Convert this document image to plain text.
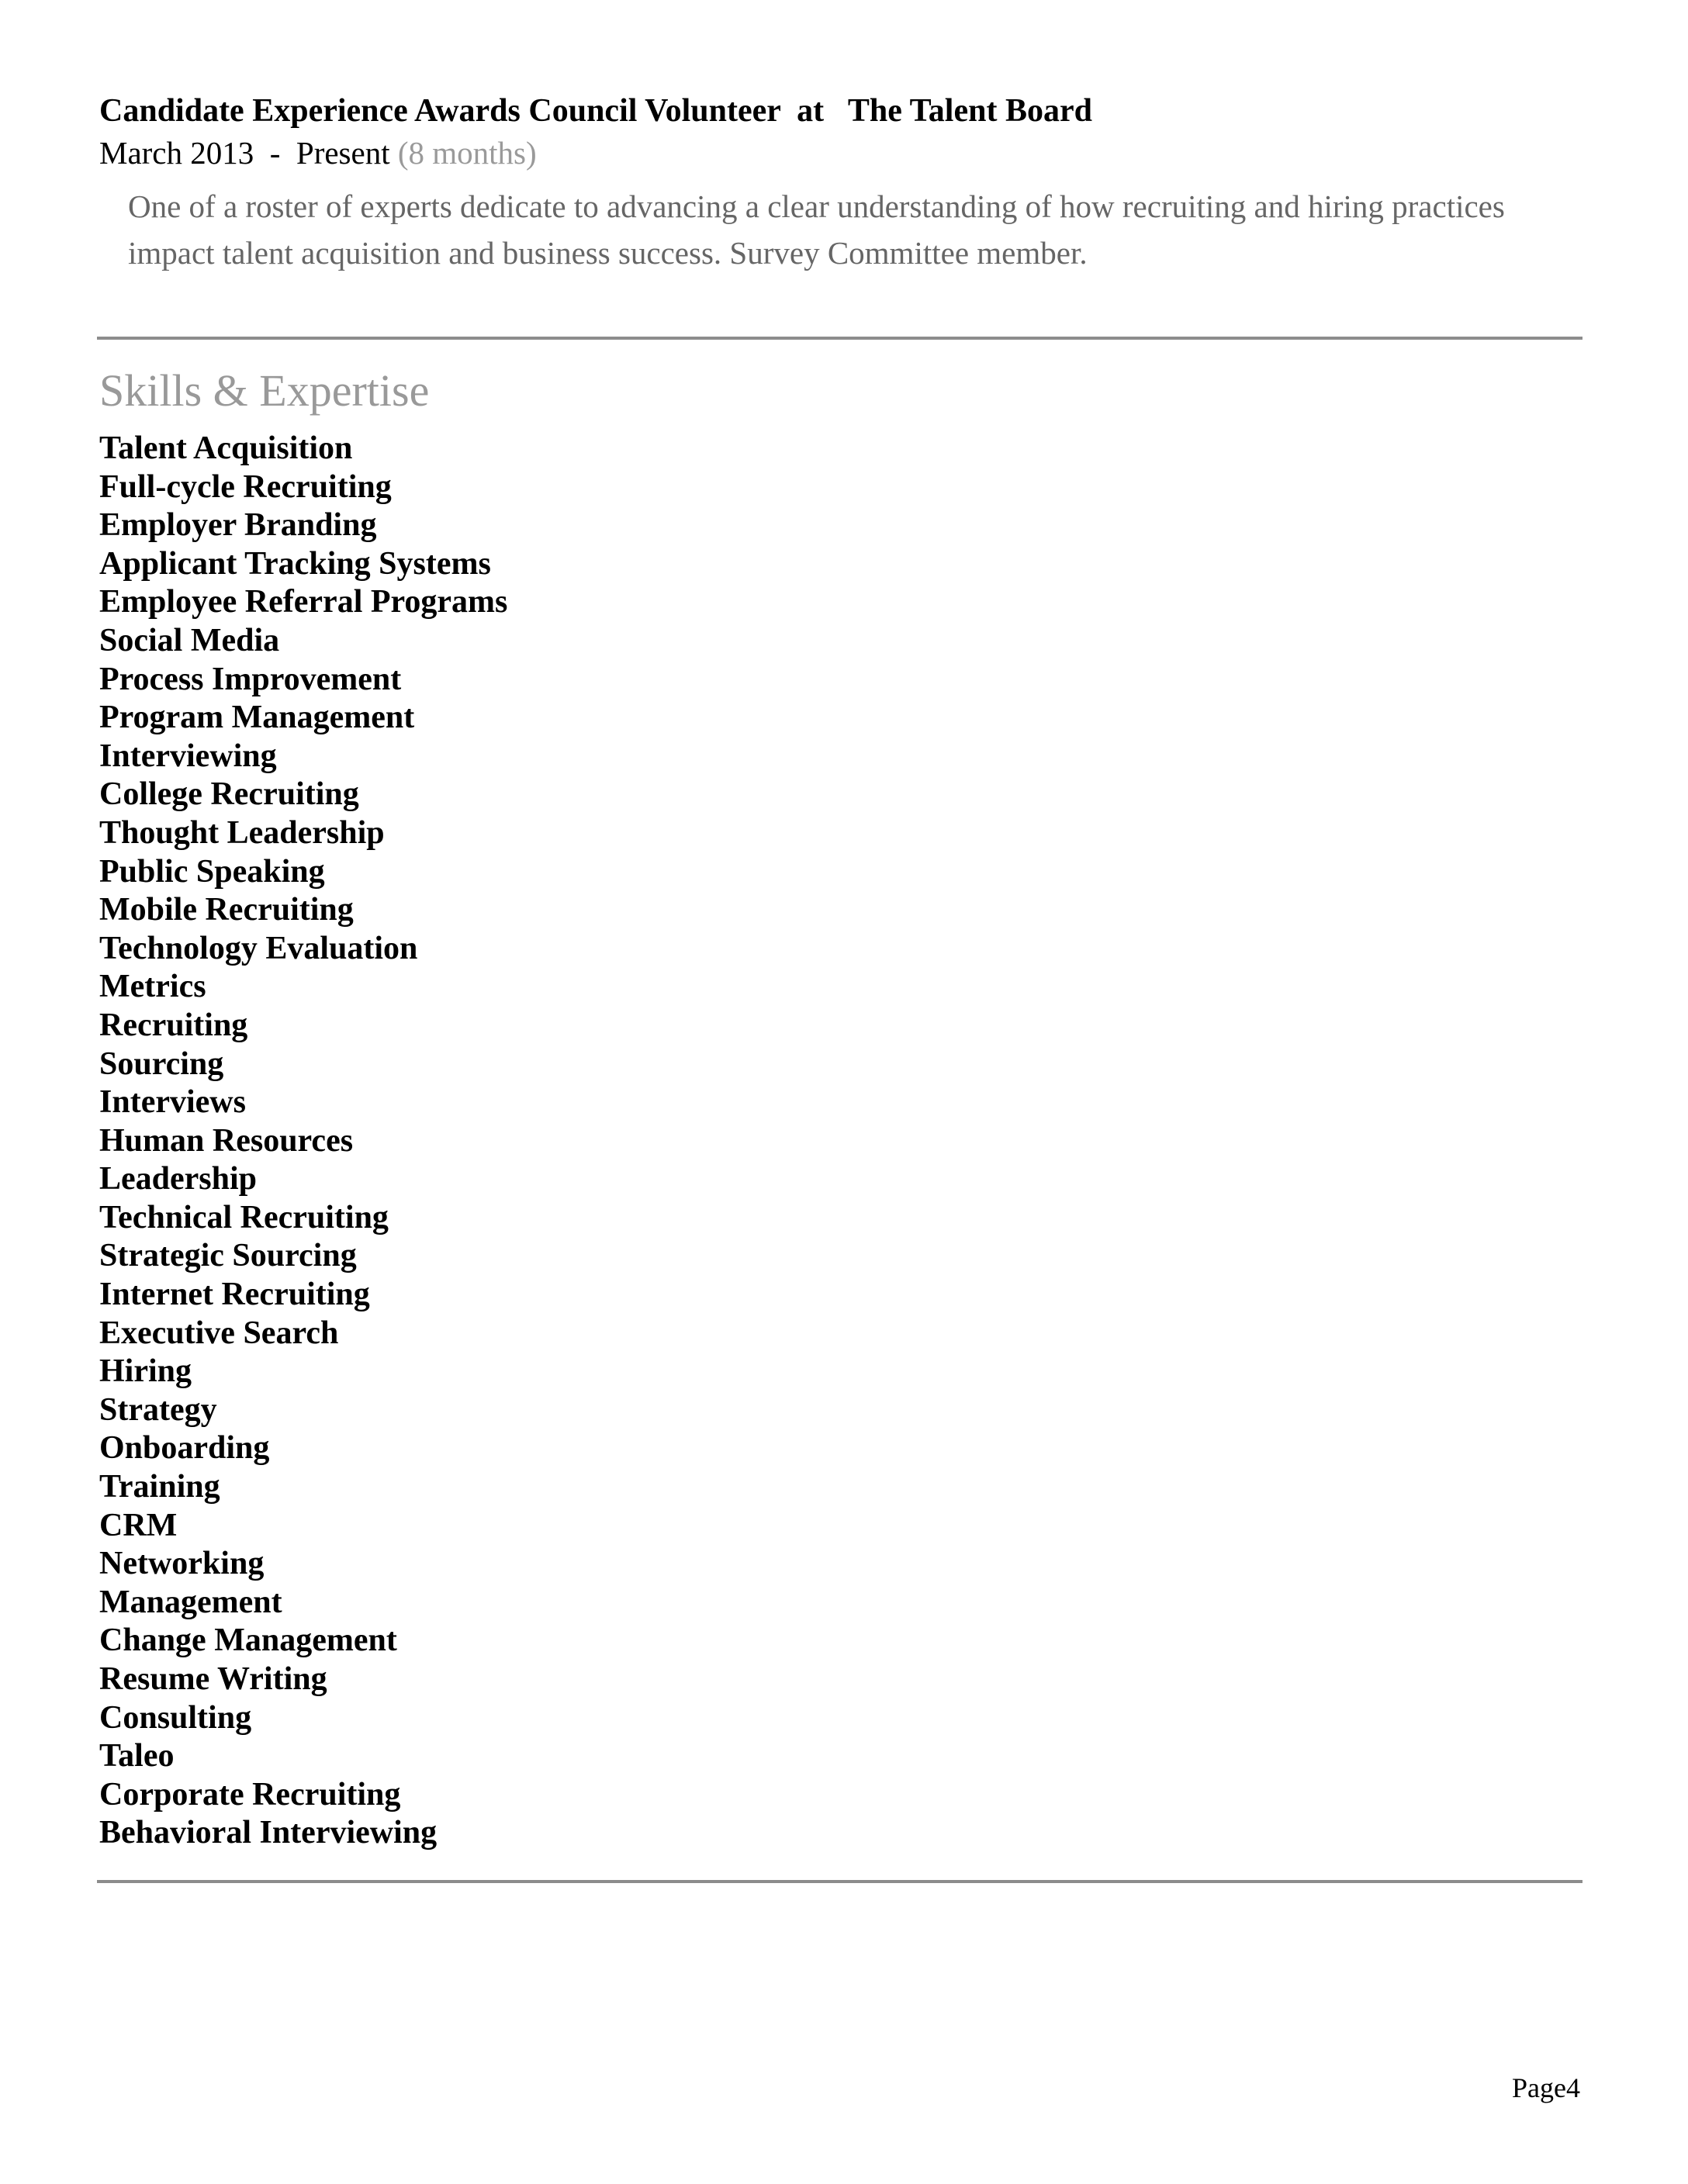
Candidate Experience Awards Council Volunteer  at   The Talent Board
March 2013  -  Present (8 months)
One of a roster of experts dedicate to advancing a clear understanding of how recruiting and hiring practices
impact talent acquisition and business success. Survey Committee member.
Skills & Expertise
Talent Acquisition
Full-cycle Recruiting
Employer Branding
Applicant Tracking Systems
Employee Referral Programs
Social Media
Process Improvement
Program Management
Interviewing
College Recruiting
Thought Leadership
Public Speaking
Mobile Recruiting
Technology Evaluation
Metrics
Recruiting
Sourcing
Interviews
Human Resources
Leadership
Technical Recruiting
Strategic Sourcing
Internet Recruiting
Executive Search
Hiring
Strategy
Onboarding
Training
CRM
Networking
Management
Change Management
Resume Writing
Consulting
Taleo
Corporate Recruiting
Behavioral Interviewing
Page4
